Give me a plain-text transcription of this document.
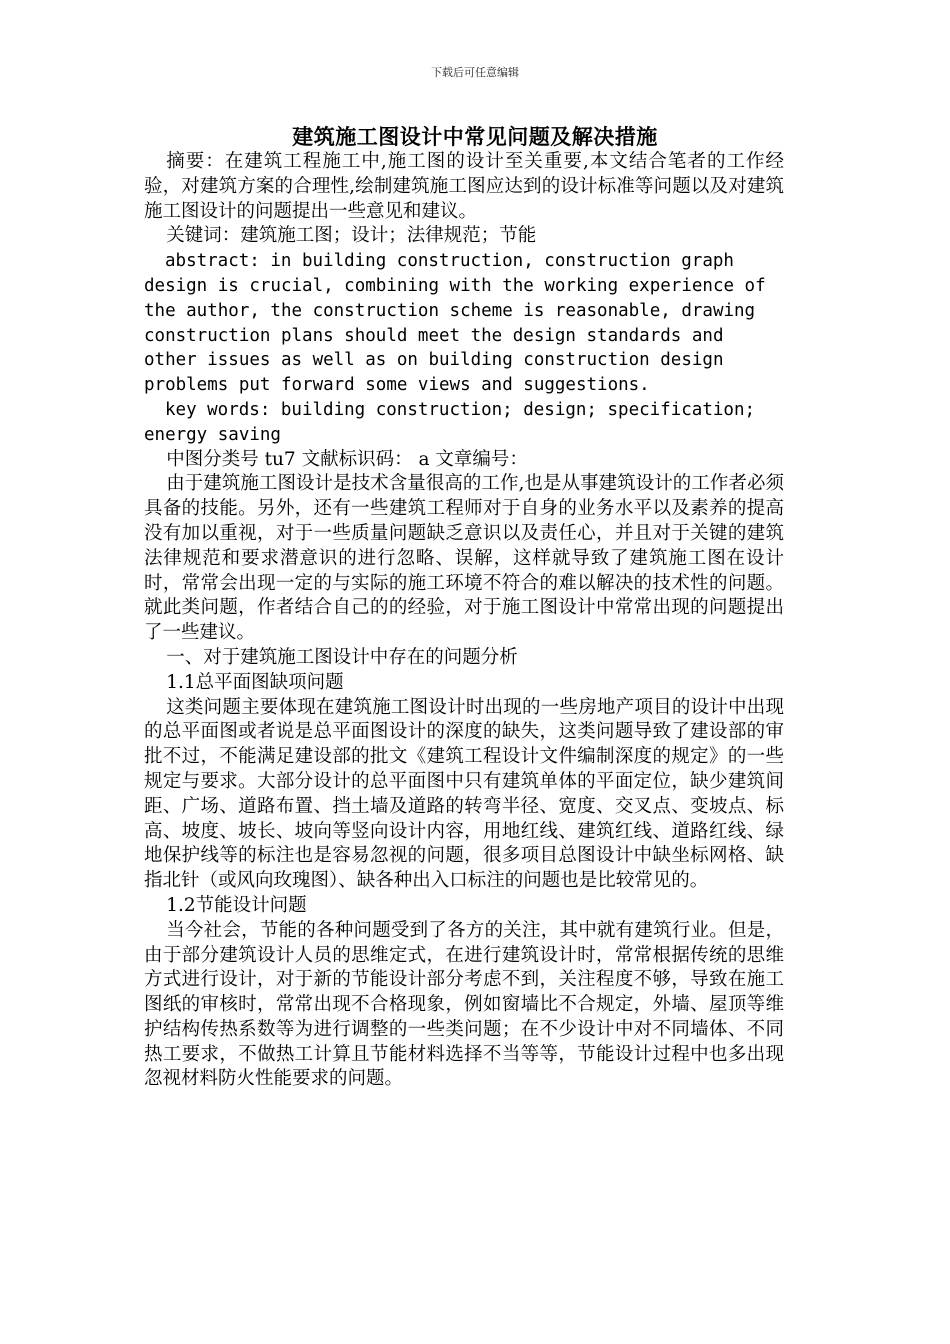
下载后可任意编辑
建筑施工图设计中常见问题及解决措施

摘要：在建筑工程施工中,施工图的设计至关重要,本文结合笔者的工作经验，对建筑方案的合理性,绘制建筑施工图应达到的设计标准等问题以及对建筑施工图设计的问题提出一些意见和建议。

关键词：建筑施工图；设计；法律规范；节能

abstract: in building construction, construction graph design is crucial, combining with the working experience of the author, the construction scheme is reasonable, drawing construction plans should meet the design standards and other issues as well as on building construction design problems put forward some views and suggestions.

key words: building construction; design; specification; energy saving

中图分类号 tu7 文献标识码： a 文章编号：

由于建筑施工图设计是技术含量很高的工作,也是从事建筑设计的工作者必须具备的技能。另外，还有一些建筑工程师对于自身的业务水平以及素养的提高没有加以重视，对于一些质量问题缺乏意识以及责任心，并且对于关键的建筑法律规范和要求潜意识的进行忽略、误解，这样就导致了建筑施工图在设计时，常常会出现一定的与实际的施工环境不符合的难以解决的技术性的问题。就此类问题，作者结合自己的的经验，对于施工图设计中常常出现的问题提出了一些建议。

一、对于建筑施工图设计中存在的问题分析

1.1总平面图缺项问题

这类问题主要体现在建筑施工图设计时出现的一些房地产项目的设计中出现的总平面图或者说是总平面图设计的深度的缺失，这类问题导致了建设部的审批不过，不能满足建设部的批文《建筑工程设计文件编制深度的规定》的一些规定与要求。大部分设计的总平面图中只有建筑单体的平面定位，缺少建筑间距、广场、道路布置、挡土墙及道路的转弯半径、宽度、交叉点、变坡点、标高、坡度、坡长、坡向等竖向设计内容，用地红线、建筑红线、道路红线、绿地保护线等的标注也是容易忽视的问题，很多项目总图设计中缺坐标网格、缺指北针（或风向玫瑰图）、缺各种出入口标注的问题也是比较常见的。

1.2节能设计问题

当今社会，节能的各种问题受到了各方的关注，其中就有建筑行业。但是，由于部分建筑设计人员的思维定式，在进行建筑设计时，常常根据传统的思维方式进行设计，对于新的节能设计部分考虑不到，关注程度不够，导致在施工图纸的审核时，常常出现不合格现象，例如窗墙比不合规定，外墙、屋顶等维护结构传热系数等为进行调整的一些类问题；在不少设计中对不同墙体、不同热工要求，不做热工计算且节能材料选择不当等等，节能设计过程中也多出现忽视材料防火性能要求的问题。
